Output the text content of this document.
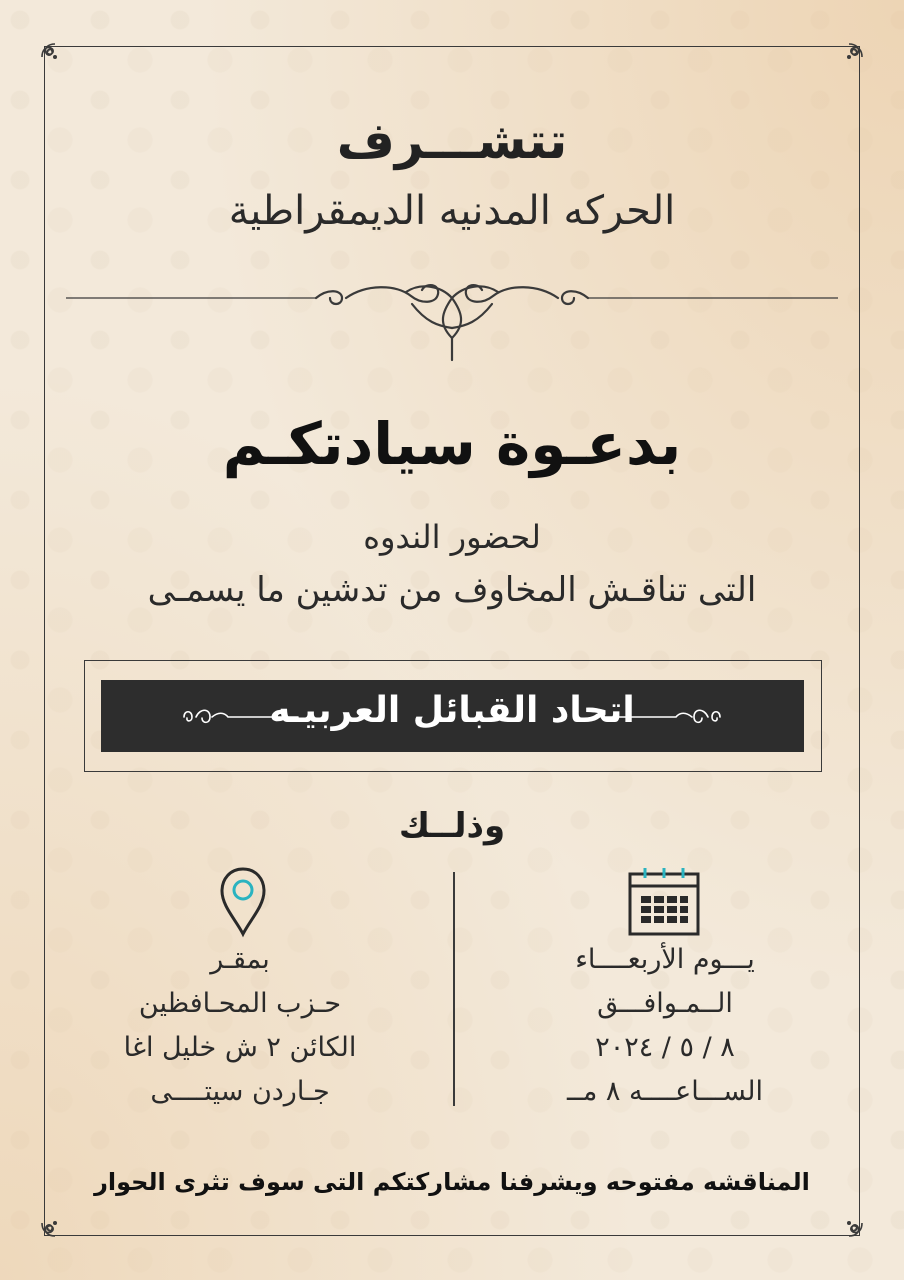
تتشـــرف
الحركه المدنيه الديمقراطية
بدعـوة سيادتكـم
لحضور الندوه
التى تناقـش المخاوف من تدشين ما يسمـى
اتحاد القبائل العربيـه
وذلــك
بمقـر
حـزب المحـافظين
الكائن ٢ ش خليل اغا
جـاردن سيتــــى
يـــوم الأربعــــاء
الــمـوافـــق
٨ / ٥ / ٢٠٢٤
الســـاعــــه ٨ مــ
المناقشه مفتوحه ويشرفنا مشاركتكم التى سوف تثرى الحوار
